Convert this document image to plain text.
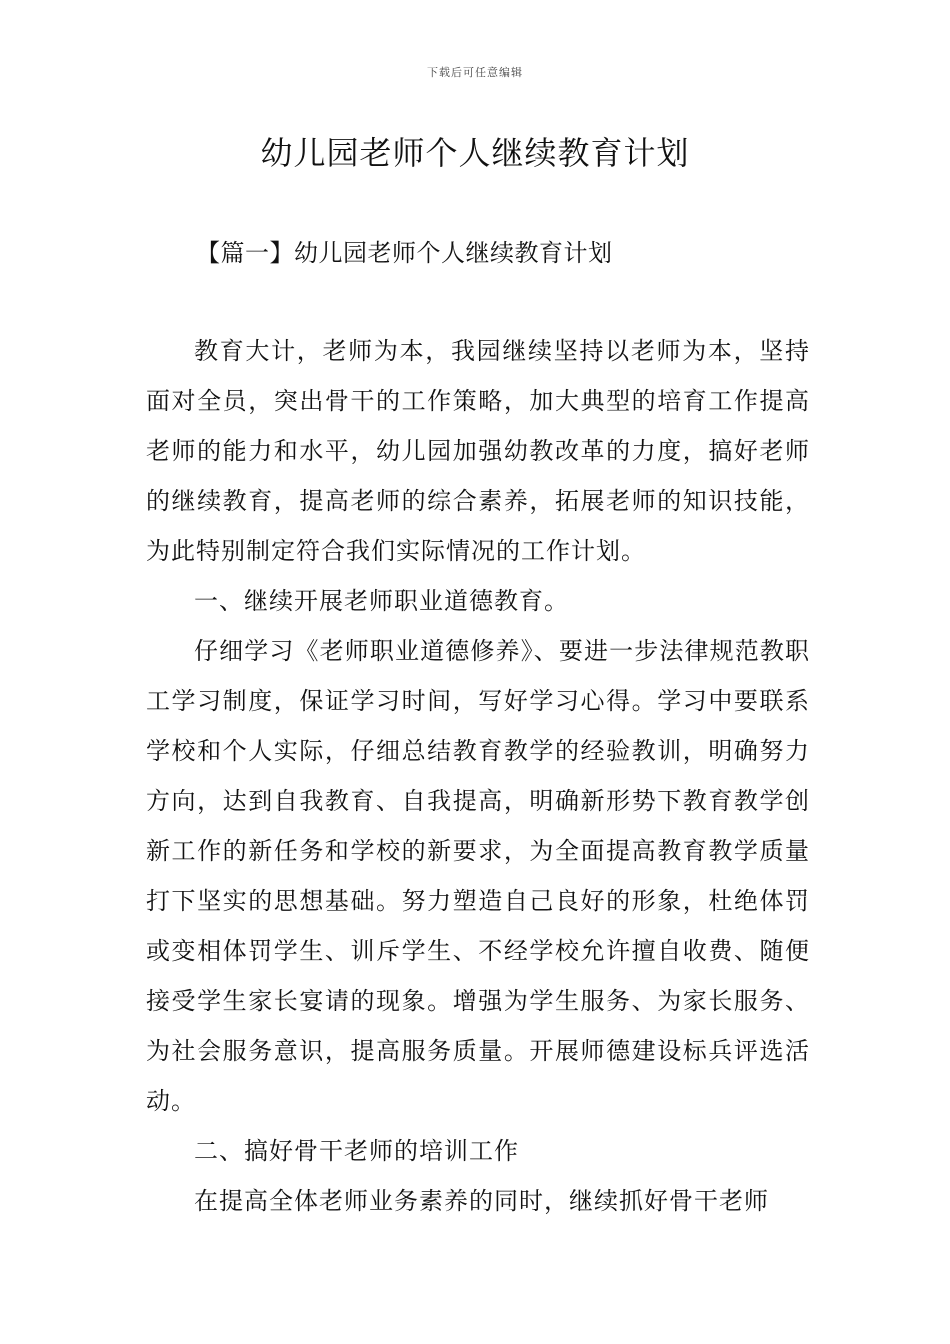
下载后可任意编辑
幼儿园老师个人继续教育计划
【篇一】幼儿园老师个人继续教育计划

教育大计，老师为本，我园继续坚持以老师为本，坚持面对全员，突出骨干的工作策略，加大典型的培育工作提高老师的能力和水平，幼儿园加强幼教改革的力度，搞好老师的继续教育，提高老师的综合素养，拓展老师的知识技能，为此特别制定符合我们实际情况的工作计划。

一、继续开展老师职业道德教育。

仔细学习《老师职业道德修养》、要进一步法律规范教职工学习制度，保证学习时间，写好学习心得。学习中要联系学校和个人实际，仔细总结教育教学的经验教训，明确努力方向，达到自我教育、自我提高，明确新形势下教育教学创新工作的新任务和学校的新要求，为全面提高教育教学质量打下坚实的思想基础。努力塑造自己良好的形象，杜绝体罚或变相体罚学生、训斥学生、不经学校允许擅自收费、随便接受学生家长宴请的现象。增强为学生服务、为家长服务、为社会服务意识，提高服务质量。开展师德建设标兵评选活动。

二、搞好骨干老师的培训工作

在提高全体老师业务素养的同时，继续抓好骨干老师
